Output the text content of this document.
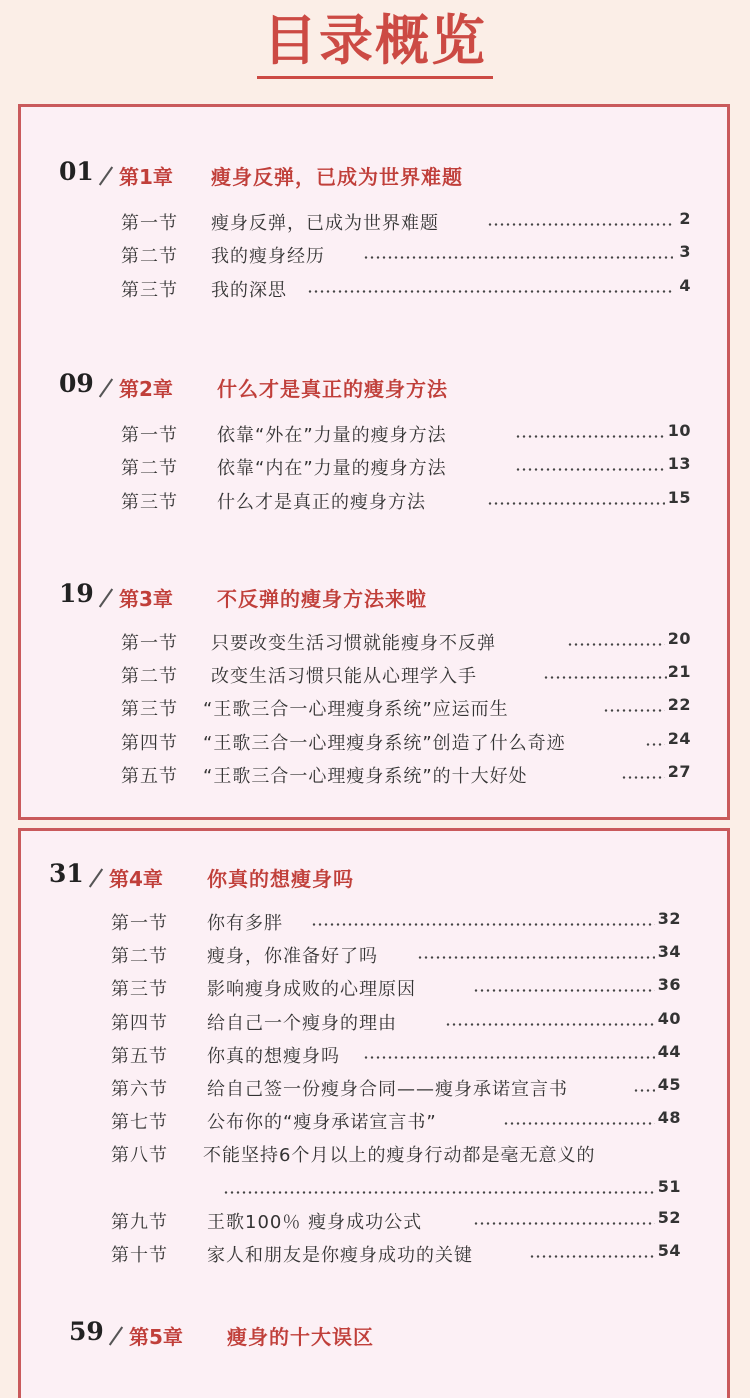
目录概览
01 第1章 瘦身反弹，已成为世界难题
第一节 瘦身反弹，已成为世界难题	2
第二节 我的瘦身经历	3
第三节 我的深思	4
09 第2章 什么才是真正的瘦身方法
第一节 依靠“外在”力量的瘦身方法	10
第二节 依靠“内在”力量的瘦身方法	13
第三节 什么才是真正的瘦身方法	15
19 第3章 不反弹的瘦身方法来啦
第一节 只要改变生活习惯就能瘦身不反弹	20
第二节 改变生活习惯只能从心理学入手	21
第三节 “王歌三合一心理瘦身系统”应运而生	22
第四节 “王歌三合一心理瘦身系统”创造了什么奇迹	24
第五节 “王歌三合一心理瘦身系统”的十大好处	27
31 第4章 你真的想瘦身吗
第一节 你有多胖	32
第二节 瘦身，你准备好了吗	34
第三节 影响瘦身成败的心理原因	36
第四节 给自己一个瘦身的理由	40
第五节 你真的想瘦身吗	44
第六节 给自己签一份瘦身合同——瘦身承诺宣言书	45
第七节 公布你的“瘦身承诺宣言书”	48
第八节 不能坚持6个月以上的瘦身行动都是毫无意义的
51
第九节 王歌100％ 瘦身成功公式	52
第十节 家人和朋友是你瘦身成功的关键	54
59 第5章 瘦身的十大误区
